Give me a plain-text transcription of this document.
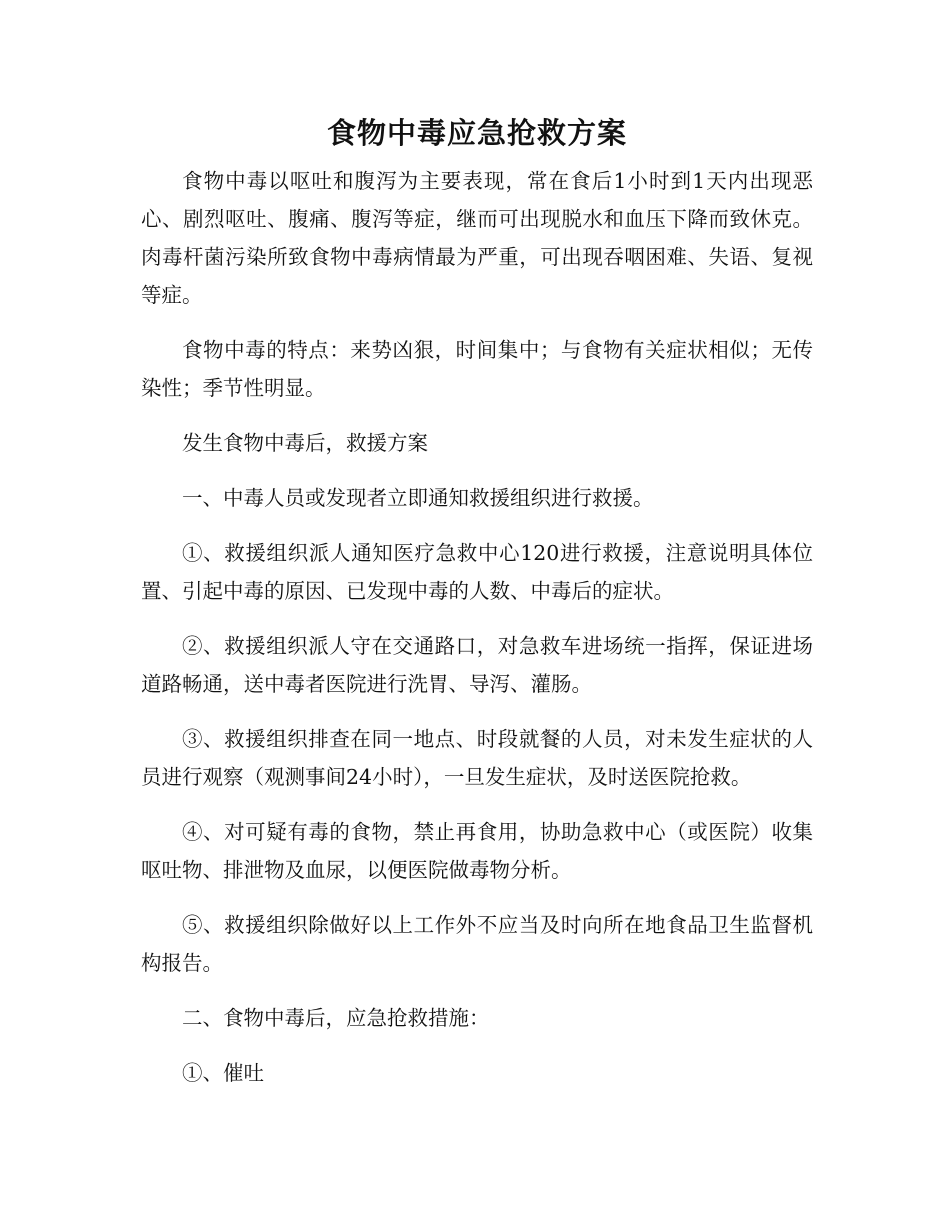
食物中毒应急抢救方案

食物中毒以呕吐和腹泻为主要表现，常在食后1小时到1天内出现恶心、剧烈呕吐、腹痛、腹泻等症，继而可出现脱水和血压下降而致休克。肉毒杆菌污染所致食物中毒病情最为严重，可出现吞咽困难、失语、复视等症。

食物中毒的特点：来势凶狠，时间集中；与食物有关症状相似；无传染性；季节性明显。

发生食物中毒后，救援方案

一、中毒人员或发现者立即通知救援组织进行救援。

①、救援组织派人通知医疗急救中心120进行救援，注意说明具体位置、引起中毒的原因、已发现中毒的人数、中毒后的症状。

②、救援组织派人守在交通路口，对急救车进场统一指挥，保证进场道路畅通，送中毒者医院进行洗胃、导泻、灌肠。

③、救援组织排查在同一地点、时段就餐的人员，对未发生症状的人员进行观察（观测事间24小时），一旦发生症状，及时送医院抢救。

④、对可疑有毒的食物，禁止再食用，协助急救中心（或医院）收集呕吐物、排泄物及血尿，以便医院做毒物分析。

⑤、救援组织除做好以上工作外不应当及时向所在地食品卫生监督机构报告。

二、食物中毒后，应急抢救措施：

①、催吐
